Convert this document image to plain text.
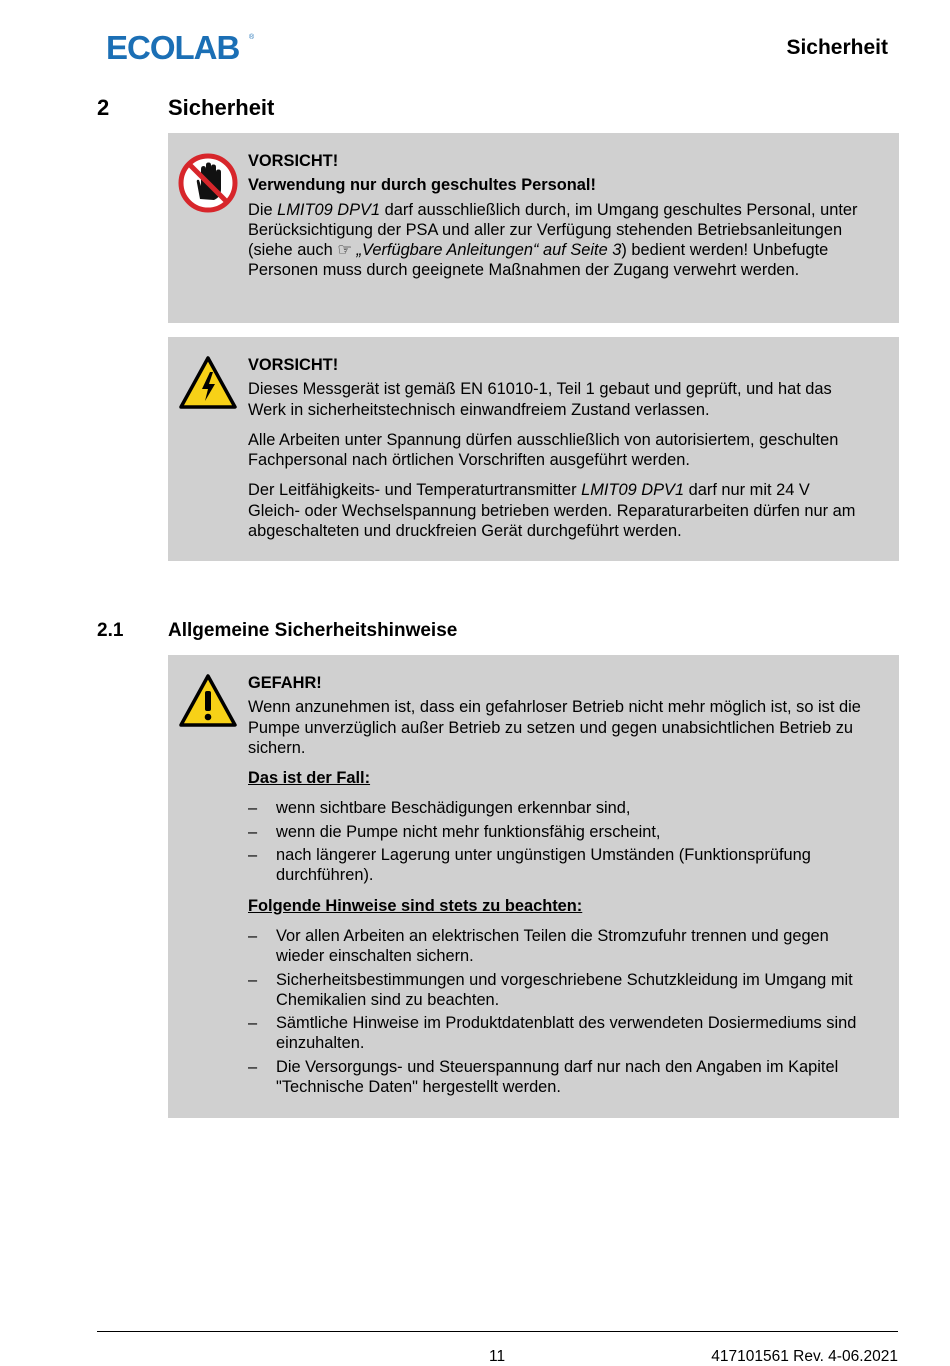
ECOLAB ®	Sicherheit
2	Sicherheit

VORSICHT!

Verwendung nur durch geschultes Personal!

Die LMIT09 DPV1 darf ausschließlich durch, im Umgang geschultes Personal, unter Berücksichtigung der PSA und aller zur Verfügung stehenden Betriebsanleitungen (siehe auch ☞ „Verfügbare Anleitungen“ auf Seite 3) bedient werden! Unbefugte Personen muss durch geeignete Maßnahmen der Zugang verwehrt werden.

VORSICHT!

Dieses Messgerät ist gemäß EN 61010-1, Teil 1 gebaut und geprüft, und hat das Werk in sicherheitstechnisch einwandfreiem Zustand verlassen.

Alle Arbeiten unter Spannung dürfen ausschließlich von autorisiertem, geschulten Fachpersonal nach örtlichen Vorschriften ausgeführt werden.

Der Leitfähigkeits- und Temperaturtransmitter LMIT09 DPV1 darf nur mit 24 V Gleich- oder Wechselspannung betrieben werden. Reparaturarbeiten dürfen nur am abgeschalteten und druckfreien Gerät durchgeführt werden.

2.1 Allgemeine Sicherheitshinweise

GEFAHR!

Wenn anzunehmen ist, dass ein gefahrloser Betrieb nicht mehr möglich ist, so ist die Pumpe unverzüglich außer Betrieb zu setzen und gegen unabsichtlichen Betrieb zu sichern.

Das ist der Fall:

– wenn sichtbare Beschädigungen erkennbar sind,
– wenn die Pumpe nicht mehr funktionsfähig erscheint,
– nach längerer Lagerung unter ungünstigen Umständen (Funktionsprüfung durchführen).

Folgende Hinweise sind stets zu beachten:

– Vor allen Arbeiten an elektrischen Teilen die Stromzufuhr trennen und gegen wieder einschalten sichern.
– Sicherheitsbestimmungen und vorgeschriebene Schutzkleidung im Umgang mit Chemikalien sind zu beachten.
– Sämtliche Hinweise im Produktdatenblatt des verwendeten Dosiermediums sind einzuhalten.
– Die Versorgungs- und Steuerspannung darf nur nach den Angaben im Kapitel "Technische Daten" hergestellt werden.
11	417101561 Rev. 4-06.2021
